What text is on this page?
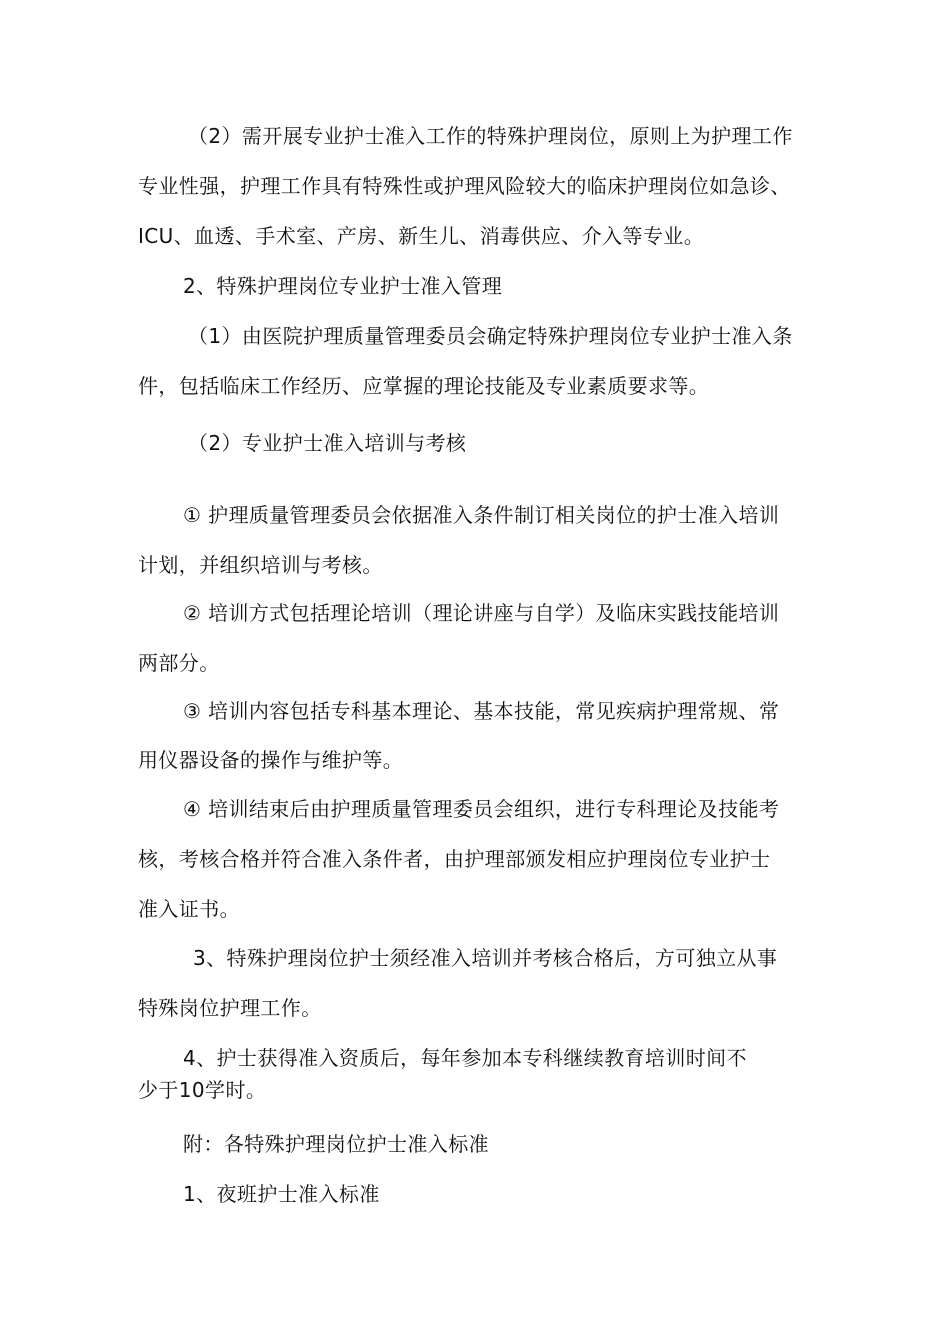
（2）需开展专业护士准入工作的特殊护理岗位，原则上为护理工作
专业性强，护理工作具有特殊性或护理风险较大的临床护理岗位如急诊、
ICU、血透、手术室、产房、新生儿、消毒供应、介入等专业。
2、特殊护理岗位专业护士准入管理
（1）由医院护理质量管理委员会确定特殊护理岗位专业护士准入条
件，包括临床工作经历、应掌握的理论技能及专业素质要求等。
（2）专业护士准入培训与考核
① 护理质量管理委员会依据准入条件制订相关岗位的护士准入培训
计划，并组织培训与考核。
② 培训方式包括理论培训（理论讲座与自学）及临床实践技能培训
两部分。
③ 培训内容包括专科基本理论、基本技能，常见疾病护理常规、常
用仪器设备的操作与维护等。
④ 培训结束后由护理质量管理委员会组织，进行专科理论及技能考
核，考核合格并符合准入条件者，由护理部颁发相应护理岗位专业护士
准入证书。
3、特殊护理岗位护士须经准入培训并考核合格后，方可独立从事
特殊岗位护理工作。
4、护士获得准入资质后，每年参加本专科继续教育培训时间不
少于10学时。
附：各特殊护理岗位护士准入标准
1、夜班护士准入标准
